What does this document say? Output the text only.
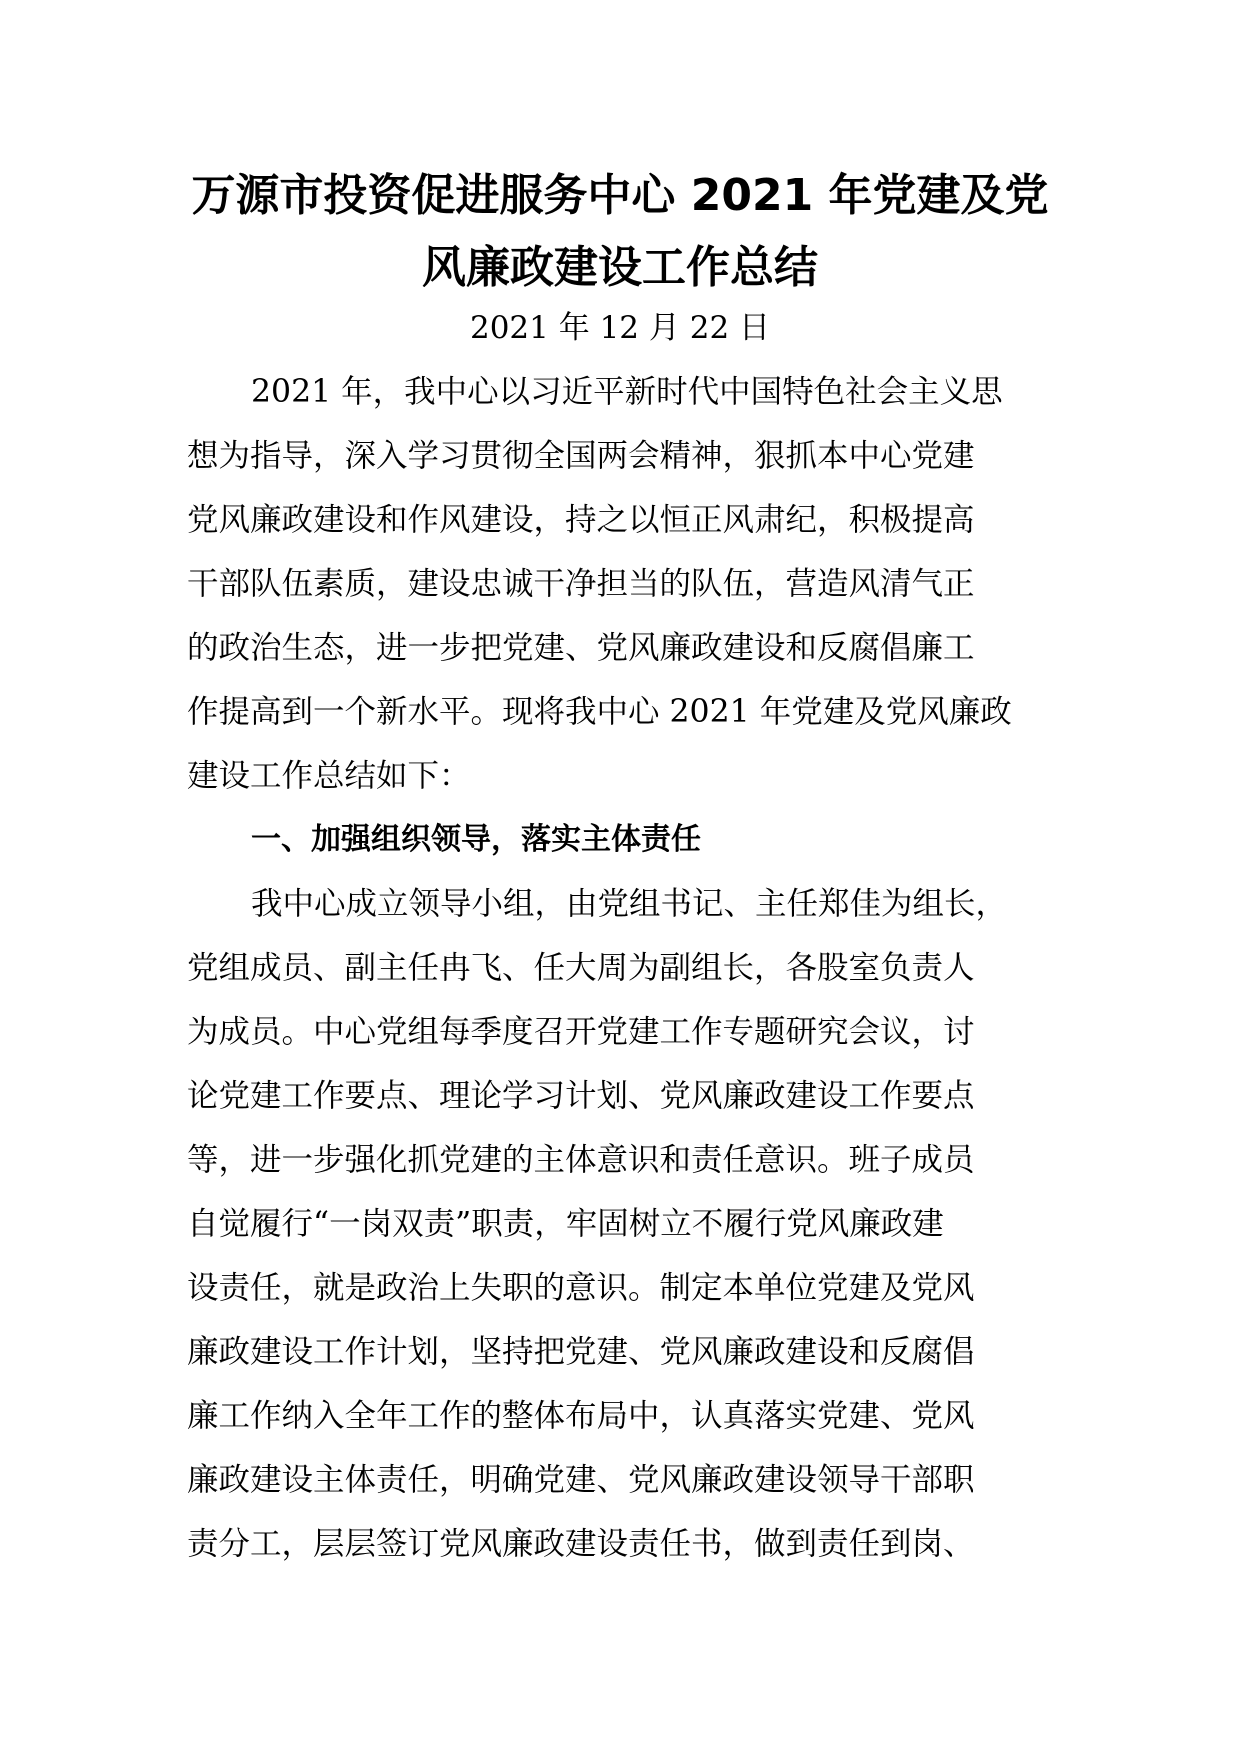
万源市投资促进服务中心 2021 年党建及党
风廉政建设工作总结
2021 年 12 月 22 日
2021 年，我中心以习近平新时代中国特色社会主义思
想为指导，深入学习贯彻全国两会精神，狠抓本中心党建
党风廉政建设和作风建设，持之以恒正风肃纪，积极提高
干部队伍素质，建设忠诚干净担当的队伍，营造风清气正
的政治生态，进一步把党建、党风廉政建设和反腐倡廉工
作提高到一个新水平。现将我中心 2021 年党建及党风廉政
建设工作总结如下：
一、加强组织领导，落实主体责任
我中心成立领导小组，由党组书记、主任郑佳为组长，
党组成员、副主任冉飞、任大周为副组长，各股室负责人
为成员。中心党组每季度召开党建工作专题研究会议，讨
论党建工作要点、理论学习计划、党风廉政建设工作要点
等，进一步强化抓党建的主体意识和责任意识。班子成员
自觉履行“一岗双责”职责，牢固树立不履行党风廉政建
设责任，就是政治上失职的意识。制定本单位党建及党风
廉政建设工作计划，坚持把党建、党风廉政建设和反腐倡
廉工作纳入全年工作的整体布局中，认真落实党建、党风
廉政建设主体责任，明确党建、党风廉政建设领导干部职
责分工，层层签订党风廉政建设责任书，做到责任到岗、
